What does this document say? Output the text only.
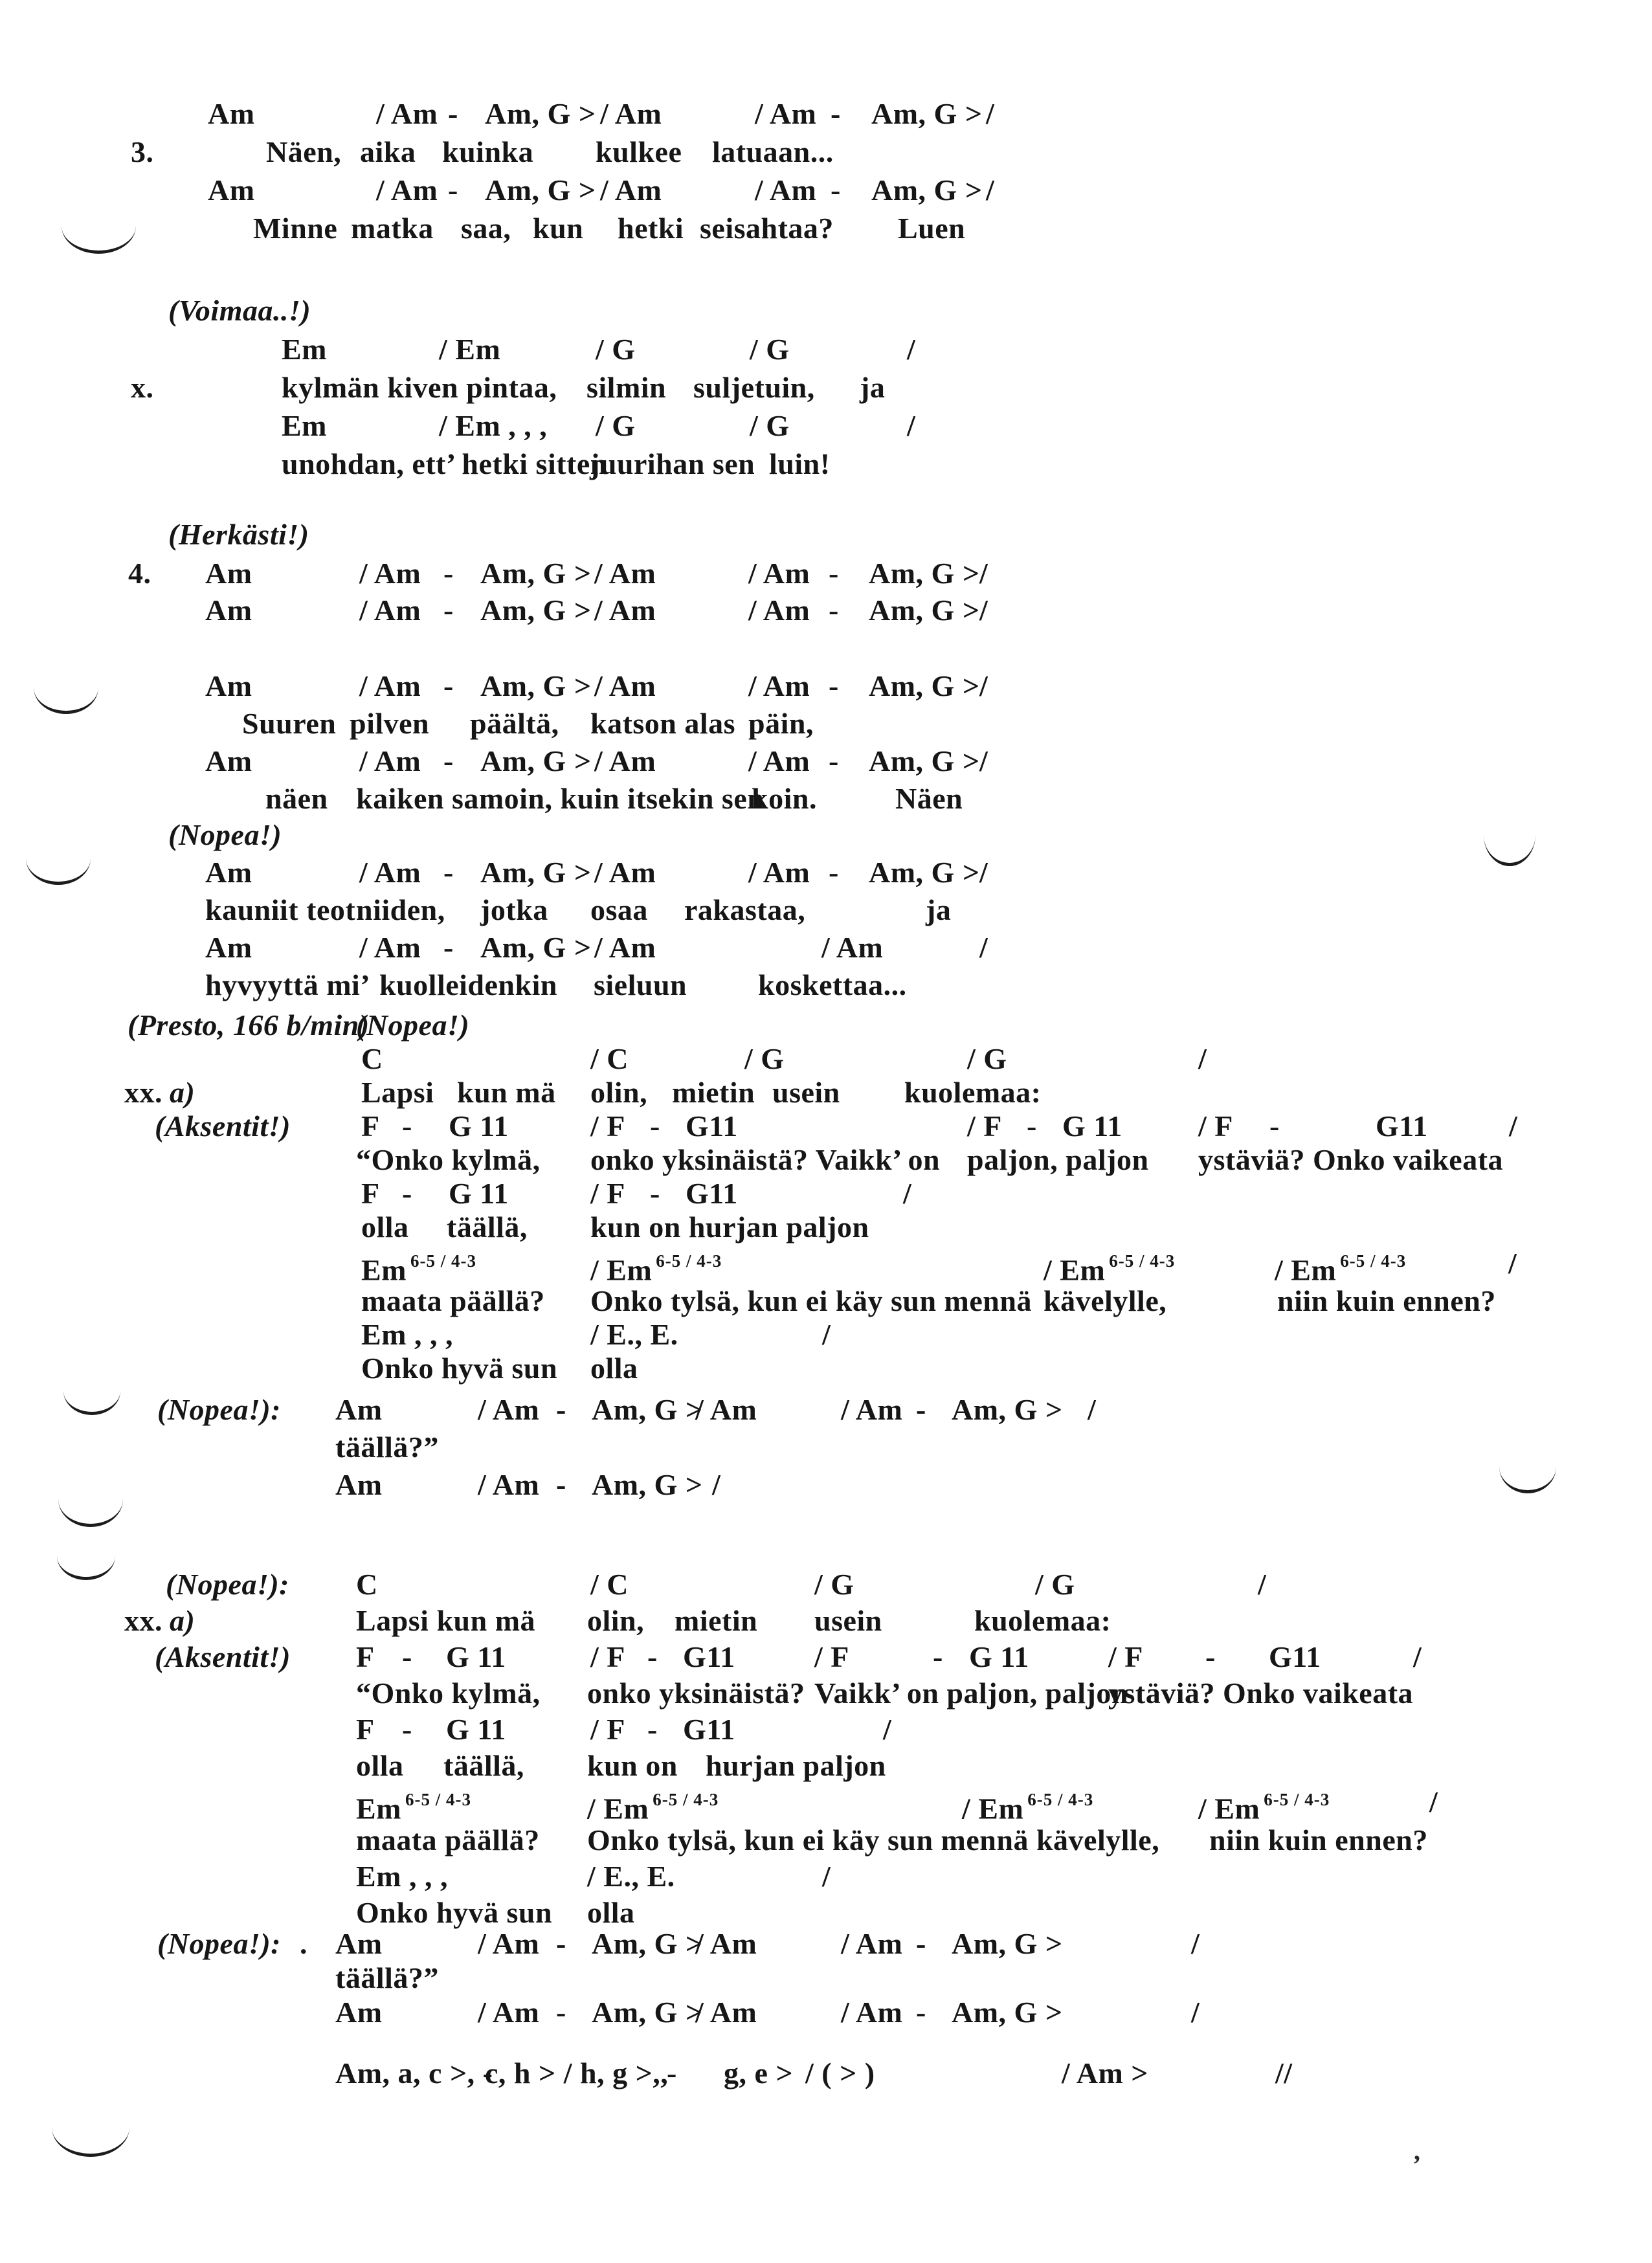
Am	/ Am - Am, G > / Am	/ Am - Am, G > /
3.	Näen, aika kuinka kulkee latuaan...
Am	/ Am - Am, G > / Am	/ Am - Am, G > /
Minne matka saa, kun hetki seisahtaa? Luen
(Voimaa..!)
Em	/ Em	/ G	/ G	/
x.	kylmän kiven pintaa, silmin suljetuin, ja
Em	/ Em , , , / G	/ G	/
unohdan, ett’ hetki sitten
juurihan sen luin!
(Herkästi!)
4. Am	/ Am - Am, G > / Am	/ Am - Am, G > /
Am	/ Am - Am, G > / Am	/ Am - Am, G > /
Am	/ Am - Am, G > / Am	/ Am - Am, G > /
Suuren pilven päältä, katson alas päin,
Am	/ Am - Am, G > / Am	/ Am - Am, G > /
näen kaiken samoin, kuin itsekin sen
koin.	Näen
(Nopea!)
Am	/ Am - Am, G > / Am	/ Am - Am, G > /
kauniit teot niiden, jotka osaa rakastaa,	ja
Am	/ Am - Am, G > / Am	/ Am	/
hyvyyttä mi’ kuolleidenkin sieluun koskettaa...
(Presto, 166 b/min)
(Nopea!)
C	/ C	/ G	/ G	/
xx. a)	Lapsi kun mä olin, mietin usein kuolemaa:
(Aksentit!) F - G 11	/ F - G11	/ F - G 11	/ F -	G11	/
“Onko kylmä, onko yksinäistä? Vaikk’ on paljon, paljon ystäviä? Onko vaikeata
F - G 11	/ F - G11	/
olla täällä, kun on hurjan paljon
Em $^{6-5 / 4-3}$	/ Em $^{6-5 / 4-3}$	/ Em $^{6-5 / 4-3}$	/ Em $^{6-5 / 4-3}$	/
maata päällä? Onko tylsä, kun ei käy sun mennä kävelylle,	niin kuin ennen?
Em , , ,	/ E., E.	/
Onko hyvä sun olla
(Nopea!): Am	/ Am - Am, G >
/ Am	/ Am - Am, G > /
täällä?”
Am	/ Am - Am, G > /
(Nopea!): C	/ C	/ G	/ G	/
xx. a)	Lapsi kun mä olin, mietin usein	kuolemaa:
(Aksentit!) F - G 11	/ F - G11	/ F	- G 11	/ F - G11	/
“Onko kylmä, onko yksinäistä? Vaikk’ on paljon, paljon
ystäviä? Onko vaikeata
F - G 11	/ F - G11	/
olla täällä, kun on hurjan paljon
Em $^{6-5 / 4-3}$	/ Em $^{6-5 / 4-3}$	/ Em $^{6-5 / 4-3}$	/ Em $^{6-5 / 4-3}$	/
maata päällä? Onko tylsä, kun ei käy sun mennä kävelylle, niin kuin ennen?
Em , , ,	/ E., E.	/
Onko hyvä sun olla
(Nopea!): . Am	/ Am - Am, G >
/ Am	/ Am - Am, G >	/
täällä?”
Am	/ Am - Am, G >
/ Am	/ Am - Am, G >	/
Am, a, c >, -
c, h > / h, g >,,
- g, e > / ( > )	/ Am >	//
’
